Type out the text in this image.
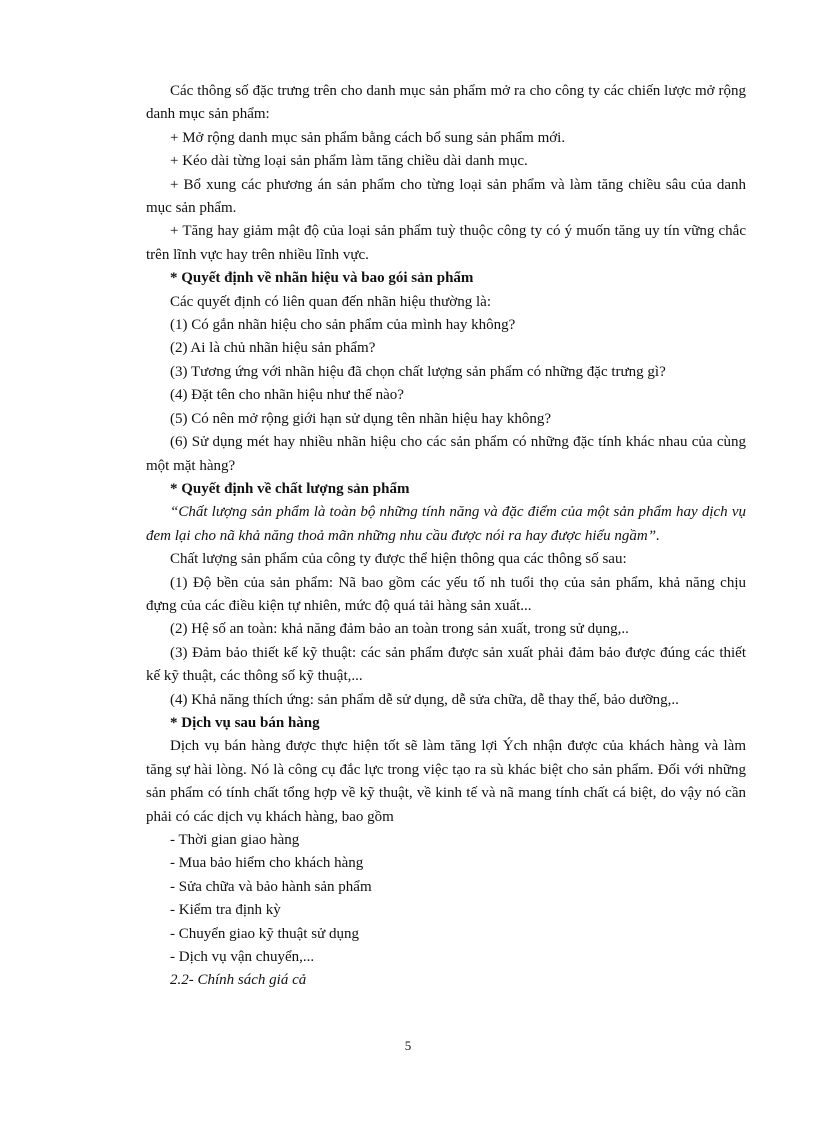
Các thông số đặc trưng trên cho danh mục sản phẩm mở ra cho công ty các chiến lược mở rộng danh mục sản phẩm:

+ Mở rộng danh mục sản phẩm bằng cách bổ sung sản phẩm mới.

+ Kéo dài từng loại sản phẩm làm tăng chiều dài danh mục.

+ Bổ xung các phương án sản phẩm cho từng loại sản phẩm và làm tăng chiều sâu của danh mục sản phẩm.

+ Tăng hay giảm mật độ của loại sản phẩm tuỳ thuộc công ty có ý muốn tăng uy tín vững chắc trên lĩnh vực hay trên nhiều lĩnh vực.

* Quyết định về nhãn hiệu và bao gói sản phẩm

Các quyết định có liên quan đến nhãn hiệu thường là:

(1) Có gắn nhãn hiệu cho sản phẩm của mình hay không?

(2) Ai là chủ nhãn hiệu sản phẩm?

(3) Tương ứng với nhãn hiệu đã chọn chất lượng sản phẩm có những đặc trưng gì?

(4) Đặt tên cho nhãn hiệu như thế nào?

(5) Có nên mở rộng giới hạn sử dụng tên nhãn hiệu hay không?

(6) Sử dụng mét hay nhiều nhãn hiệu cho các sản phẩm có những đặc tính khác nhau của cùng một mặt hàng?

* Quyết định về chất lượng sản phẩm

“Chất lượng sản phẩm là toàn bộ những tính năng và đặc điểm của một sản phẩm hay dịch vụ đem lại cho nã khả năng thoả mãn những nhu cầu được nói ra hay được hiểu ngầm”.

Chất lượng sản phẩm của công ty được thể hiện thông qua các thông số sau:

(1) Độ bền của sản phẩm: Nã bao gồm các yếu tố nh tuổi thọ của sản phẩm, khả năng chịu đựng của các điều kiện tự nhiên, mức độ quá tải hàng sản xuất...

(2) Hệ số an toàn: khả năng đảm bảo an toàn trong sản xuất, trong sử dụng,..

(3) Đảm bảo thiết kế kỹ thuật: các sản phẩm được sản xuất phải đảm bảo được đúng các thiết kế kỹ thuật, các thông số kỹ thuật,...

(4) Khả năng thích ứng: sản phẩm dễ sử dụng, dễ sửa chữa, dễ thay thế, bảo dưỡng,..

* Dịch vụ sau bán hàng

Dịch vụ bán hàng được thực hiện tốt sẽ làm tăng lợi Ých nhận được của khách hàng và làm tăng sự hài lòng. Nó là công cụ đắc lực trong việc tạo ra sù khác biệt cho sản phẩm. Đối với những sản phẩm có tính chất tổng hợp về kỹ thuật, về kinh tế và nã mang tính chất cá biệt, do vậy nó cần phải có các dịch vụ khách hàng, bao gồm

- Thời gian giao hàng

- Mua bảo hiểm cho khách hàng

- Sửa chữa và bảo hành sản phẩm

- Kiểm tra định kỳ

- Chuyển giao kỹ thuật sử dụng

- Dịch vụ vận chuyển,...

2.2- Chính sách giá cả

5
